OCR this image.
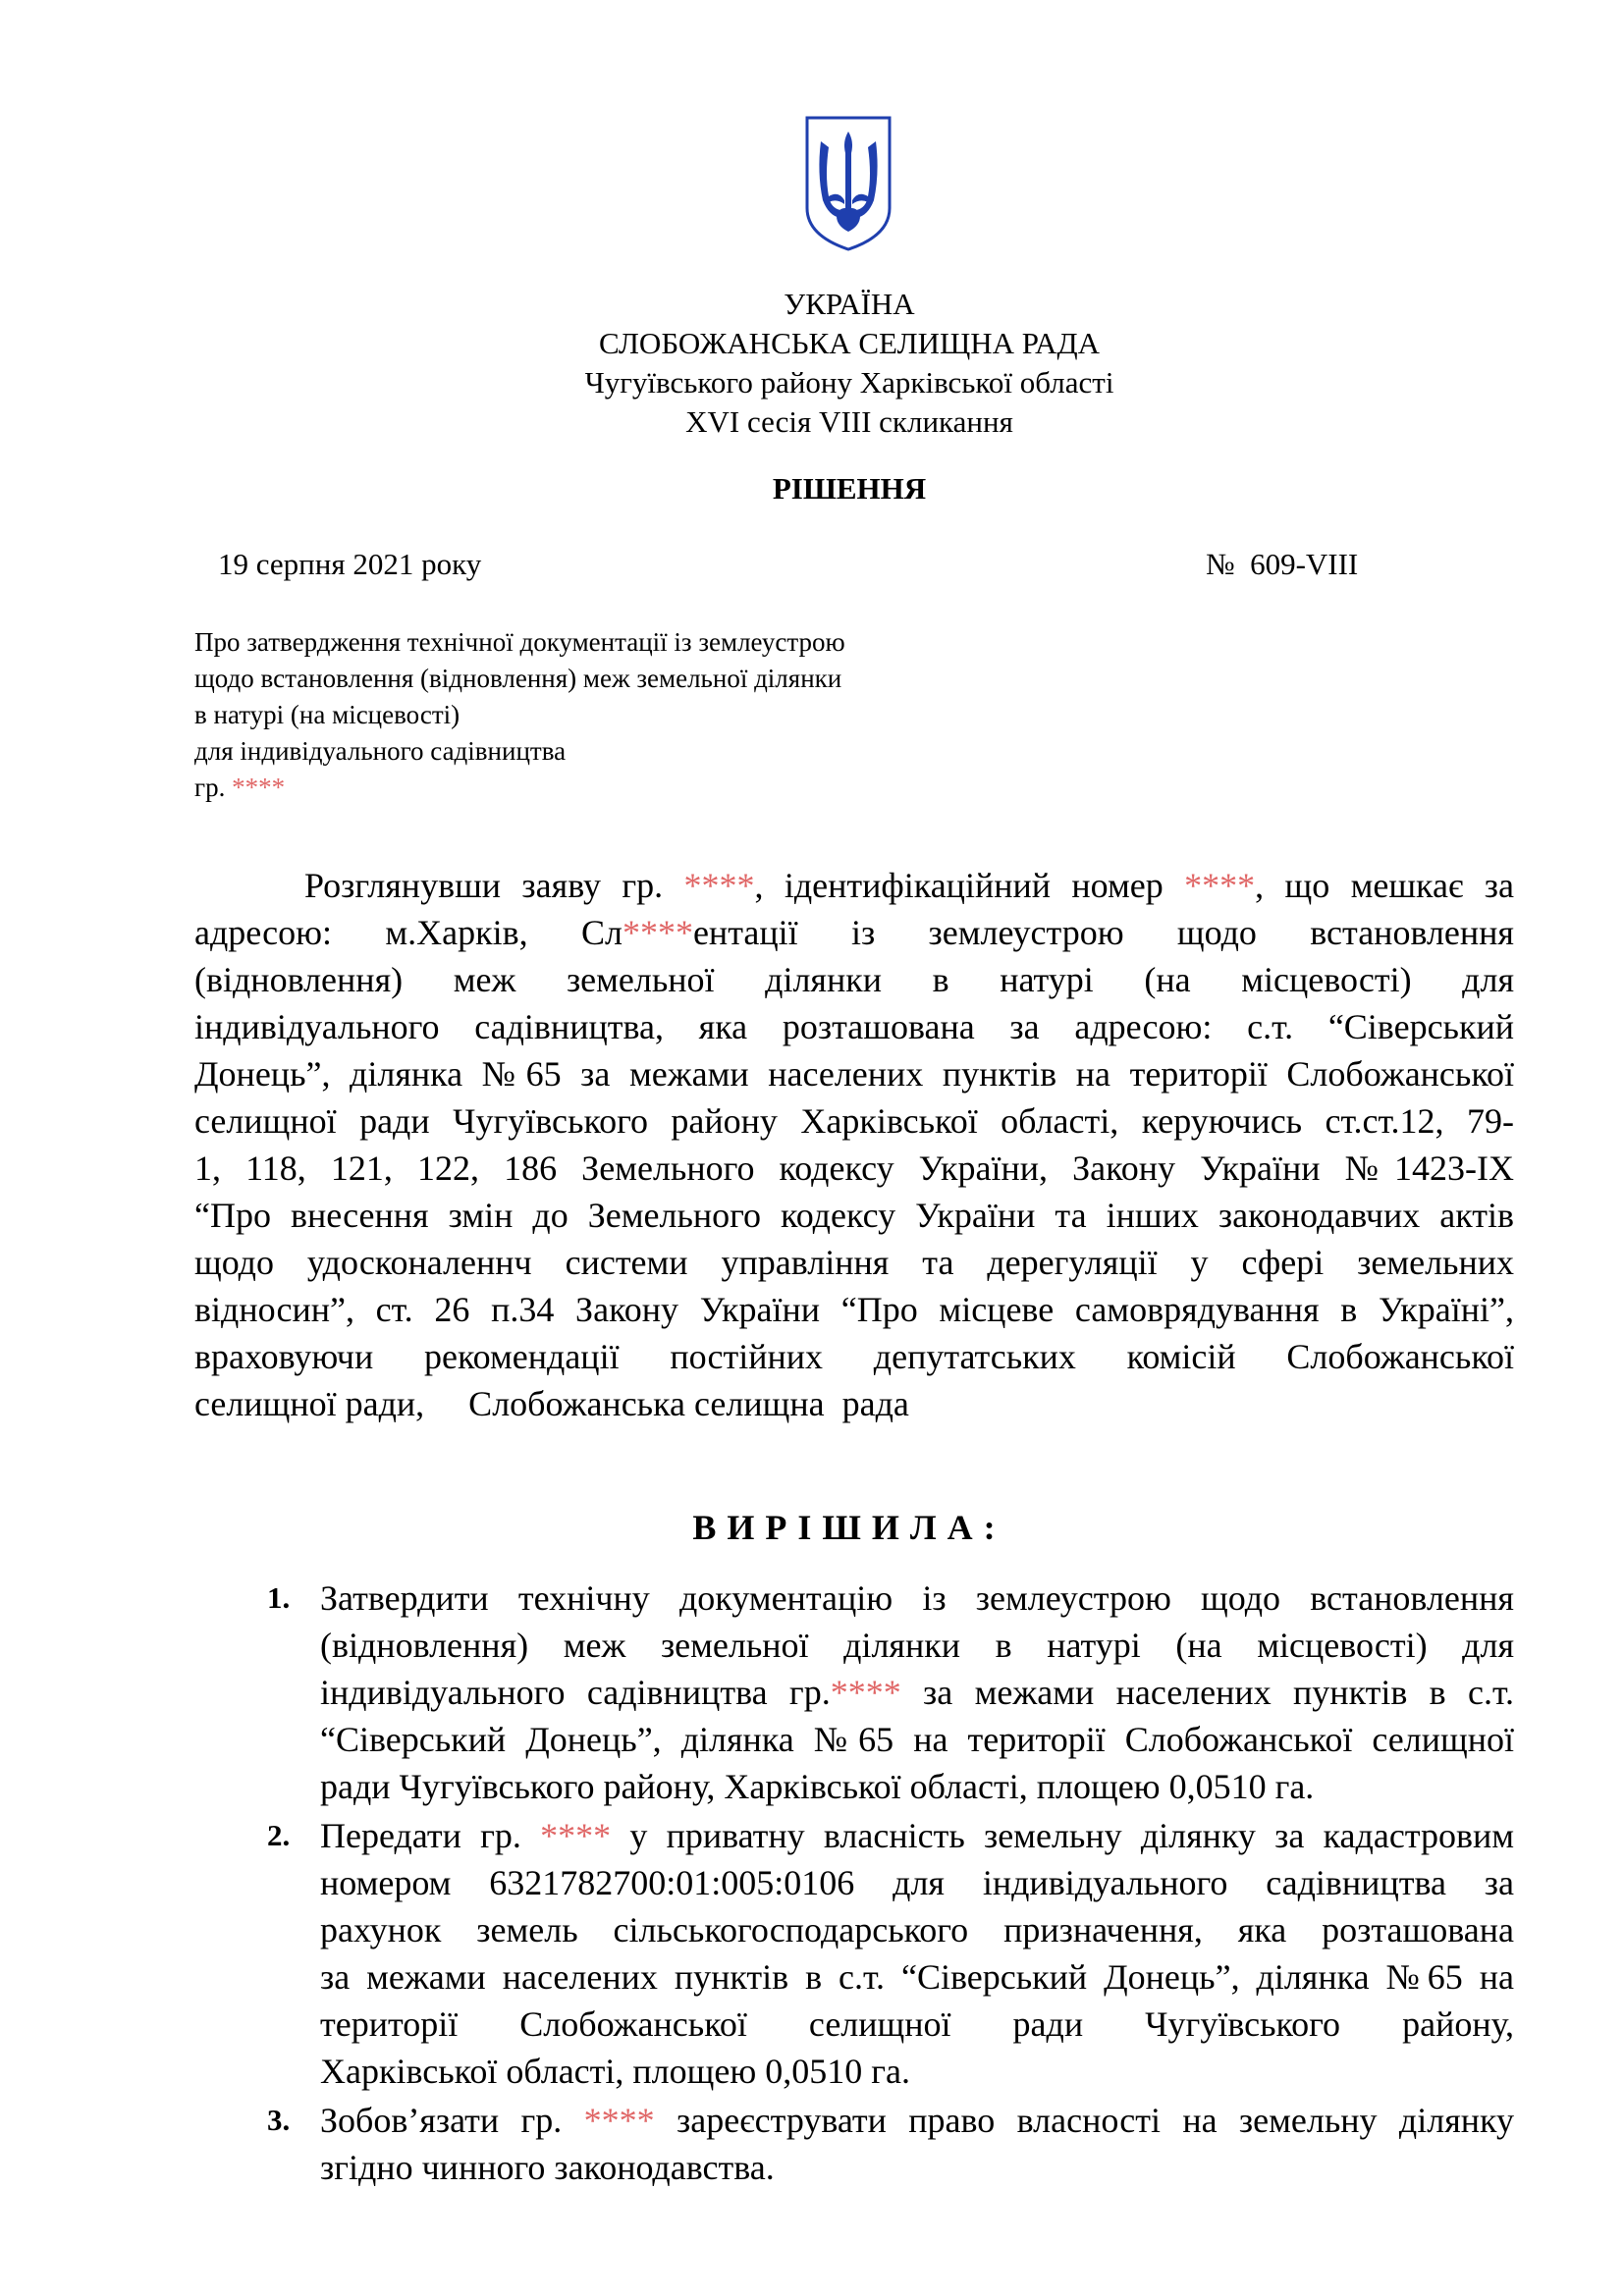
УКРАЇНА
СЛОБОЖАНСЬКА СЕЛИЩНА РАДА
Чугуївського району Харківської області
XVI сесія VIII скликання
РІШЕННЯ
19 серпня 2021 року	№  609-VIII
Про затвердження технічної документації із землеустрою
щодо встановлення (відновлення) меж земельної ділянки
в натурі (на місцевості)
для індивідуального садівництва
гр. ****
Розглянувши заяву гр. ****, ідентифікаційний номер ****, що мешкає за
адресою: м.Харків, Сл****ентації із землеустрою щодо встановлення
(відновлення) меж земельної ділянки в натурі (на місцевості) для
індивідуального садівництва, яка розташована за адресою: с.т. “Сіверський
Донець”, ділянка №65 за межами населених пунктів на території Слобожанської
селищної ради Чугуївського району Харківської області, керуючись ст.ст.12, 79-
1, 118, 121, 122, 186 Земельного кодексу України, Закону України №1423-IX
“Про внесення змін до Земельного кодексу України та інших законодавчих актів
щодо удосконаленнч системи управління та дерегуляції у сфері земельних
відносин”, ст. 26 п.34 Закону України “Про місцеве самоврядування в Україні”,
враховуючи рекомендації постійних депутатських комісій Слобожанської
селищної ради,     Слобожанська селищна  рада
ВИРІШИЛА:
1. Затвердити технічну документацію із землеустрою щодо встановлення
(відновлення) меж земельної ділянки в натурі (на місцевості) для
індивідуального садівництва гр.**** за межами населених пунктів в с.т.
“Сіверський Донець”, ділянка №65 на території Слобожанської селищної
ради Чугуївського району, Харківської області, площею 0,0510 га.
2. Передати гр. **** у приватну власність земельну ділянку за кадастровим
номером 6321782700:01:005:0106 для індивідуального садівництва за
рахунок земель сільськогосподарського призначення, яка розташована
за межами населених пунктів в с.т. “Сіверський Донець”, ділянка №65 на
території Слобожанської селищної ради Чугуївського району,
Харківської області, площею 0,0510 га.
3. Зобов’язати гр. **** зареєструвати право власності на земельну ділянку
згідно чинного законодавства.
